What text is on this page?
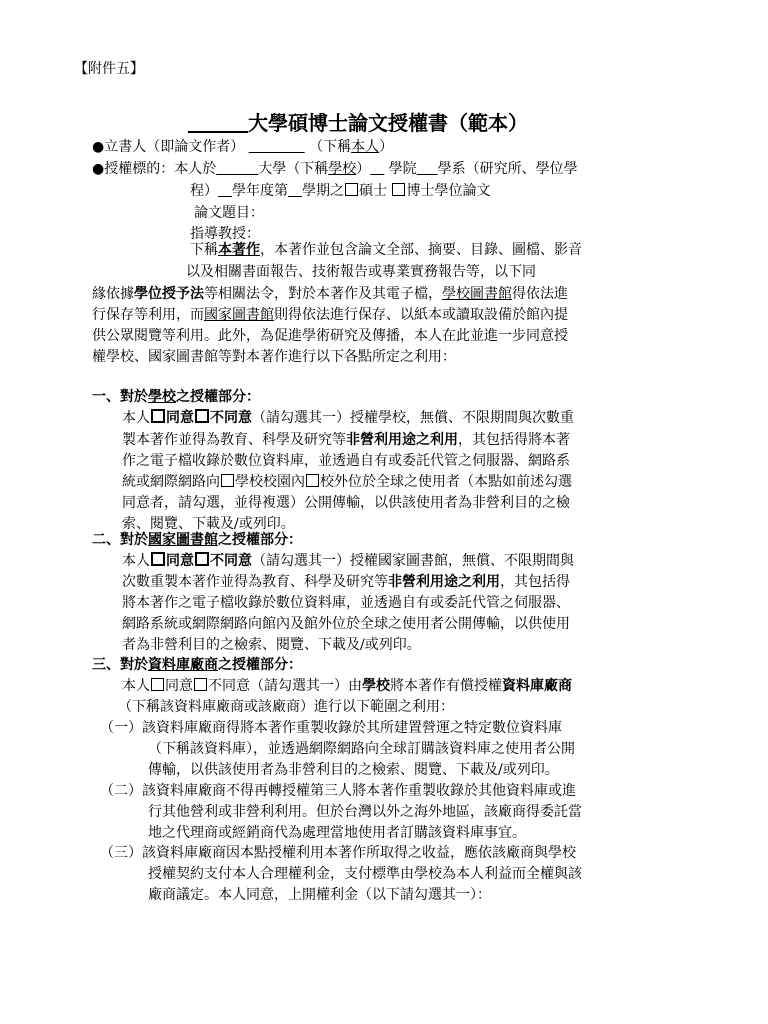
【附件五】
大學碩博士論文授權書（範本）
●立書人（即論文作者）	（下稱本人）
●授權標的：本人於	大學（下稱學校） 學院 學系（研究所、學位學
程） 學年度第 學期之 碩士 博士學位論文
論文題目：
指導教授：
下稱本著作，本著作並包含論文全部、摘要、目錄、圖檔、影音
以及相關書面報告、技術報告或專業實務報告等，以下同
緣依據學位授予法等相關法令，對於本著作及其電子檔，學校圖書館得依法進
行保存等利用，而國家圖書館則得依法進行保存、以紙本或讀取設備於館內提
供公眾閱覽等利用。此外，為促進學術研究及傳播，本人在此並進一步同意授
權學校、國家圖書館等對本著作進行以下各點所定之利用：
一、對於學校之授權部分：
本人 同意 不同意（請勾選其一）授權學校，無償、不限期間與次數重
製本著作並得為教育、科學及研究等非營利用途之利用，其包括得將本著
作之電子檔收錄於數位資料庫，並透過自有或委託代管之伺服器、網路系
統或網際網路向 學校校園內 校外位於全球之使用者（本點如前述勾選
同意者，請勾選，並得複選）公開傳輸，以供該使用者為非營利目的之檢
索、閱覽、下載及/或列印。
二、對於國家圖書館之授權部分：
本人 同意 不同意（請勾選其一）授權國家圖書館，無償、不限期間與
次數重製本著作並得為教育、科學及研究等非營利用途之利用，其包括得
將本著作之電子檔收錄於數位資料庫，並透過自有或委託代管之伺服器、
網路系統或網際網路向館內及館外位於全球之使用者公開傳輸，以供使用
者為非營利目的之檢索、閱覽、下載及/或列印。
三、對於資料庫廠商之授權部分：
本人 同意 不同意（請勾選其一）由學校將本著作有償授權資料庫廠商
（下稱該資料庫廠商或該廠商）進行以下範圍之利用：
（一）該資料庫廠商得將本著作重製收錄於其所建置營運之特定數位資料庫
（下稱該資料庫），並透過網際網路向全球訂購該資料庫之使用者公開
傳輸，以供該使用者為非營利目的之檢索、閱覽、下載及/或列印。
（二）該資料庫廠商不得再轉授權第三人將本著作重製收錄於其他資料庫或進
行其他營利或非營利利用。但於台灣以外之海外地區，該廠商得委託當
地之代理商或經銷商代為處理當地使用者訂購該資料庫事宜。
（三）該資料庫廠商因本點授權利用本著作所取得之收益，應依該廠商與學校
授權契約支付本人合理權利金，支付標準由學校為本人利益而全權與該
廠商議定。本人同意，上開權利金（以下請勾選其一）：
